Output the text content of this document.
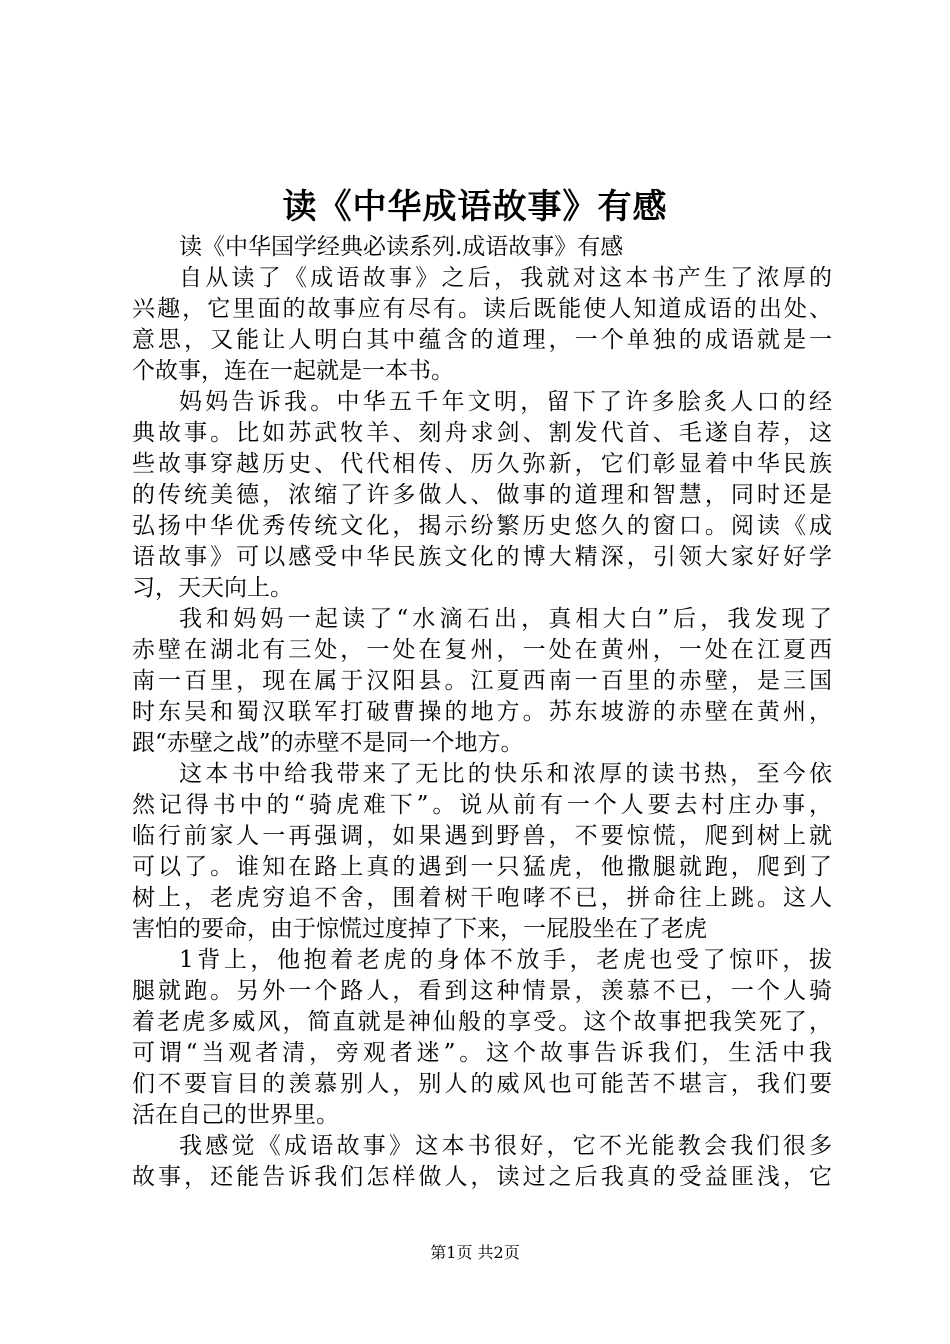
读《中华成语故事》有感
读《中华国学经典必读系列.成语故事》有感
自从读了《成语故事》之后，我就对这本书产生了浓厚的
兴趣，它里面的故事应有尽有。读后既能使人知道成语的出处、
意思，又能让人明白其中蕴含的道理，一个单独的成语就是一
个故事，连在一起就是一本书。
妈妈告诉我。中华五千年文明，留下了许多脍炙人口的经
典故事。比如苏武牧羊、刻舟求剑、割发代首、毛遂自荐，这
些故事穿越历史、代代相传、历久弥新，它们彰显着中华民族
的传统美德，浓缩了许多做人、做事的道理和智慧，同时还是
弘扬中华优秀传统文化，揭示纷繁历史悠久的窗口。阅读《成
语故事》可以感受中华民族文化的博大精深，引领大家好好学
习，天天向上。
我和妈妈一起读了“水滴石出，真相大白”后，我发现了
赤壁在湖北有三处，一处在复州，一处在黄州，一处在江夏西
南一百里，现在属于汉阳县。江夏西南一百里的赤壁，是三国
时东吴和蜀汉联军打破曹操的地方。苏东坡游的赤壁在黄州，
跟“赤壁之战”的赤壁不是同一个地方。
这本书中给我带来了无比的快乐和浓厚的读书热，至今依
然记得书中的“骑虎难下”。说从前有一个人要去村庄办事，
临行前家人一再强调，如果遇到野兽，不要惊慌，爬到树上就
可以了。谁知在路上真的遇到一只猛虎，他撒腿就跑，爬到了
树上，老虎穷追不舍，围着树干咆哮不已，拼命往上跳。这人
害怕的要命，由于惊慌过度掉了下来，一屁股坐在了老虎
1背上，他抱着老虎的身体不放手，老虎也受了惊吓，拔
腿就跑。另外一个路人，看到这种情景，羡慕不已，一个人骑
着老虎多威风，简直就是神仙般的享受。这个故事把我笑死了，
可谓“当观者清，旁观者迷”。这个故事告诉我们，生活中我
们不要盲目的羡慕别人，别人的威风也可能苦不堪言，我们要
活在自己的世界里。
我感觉《成语故事》这本书很好，它不光能教会我们很多
故事，还能告诉我们怎样做人，读过之后我真的受益匪浅，它
第1页 共2页
